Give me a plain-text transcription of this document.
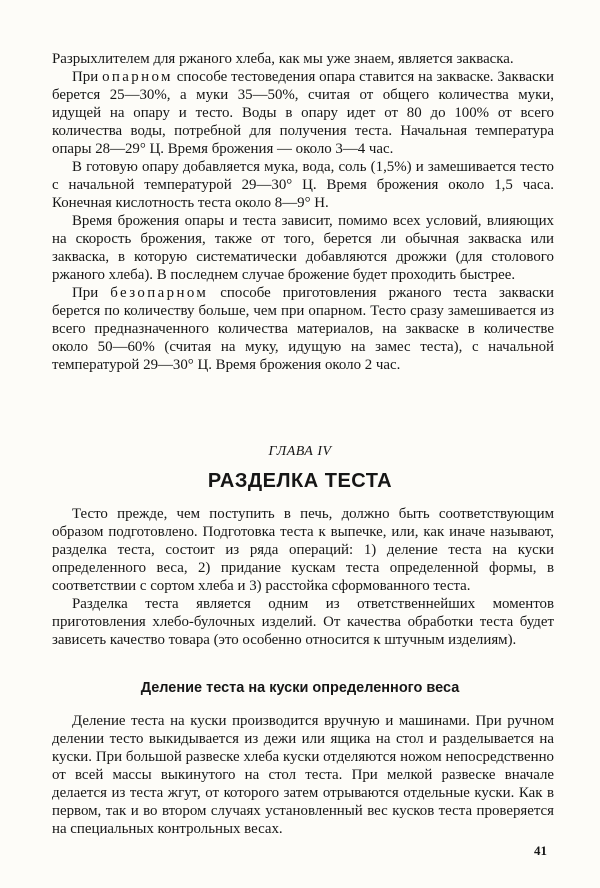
Разрыхлителем для ржаного хлеба, как мы уже знаем, является закваска.

При опарном способе тестоведения опара ставится на закваске. Закваски берется 25—30%, а муки 35—50%, считая от общего количества муки, идущей на опару и тесто. Воды в опару идет от 80 до 100% от всего количества воды, потребной для получения теста. Начальная температура опары 28—29° Ц. Время брожения — около 3—4 час.

В готовую опару добавляется мука, вода, соль (1,5%) и замешивается тесто с начальной температурой 29—30° Ц. Время брожения около 1,5 часа. Конечная кислотность теста около 8—9° Н.

Время брожения опары и теста зависит, помимо всех условий, влияющих на скорость брожения, также от того, берется ли обычная закваска или закваска, в которую систематически добавляются дрожжи (для столового ржаного хлеба). В последнем случае брожение будет проходить быстрее.

При безопарном способе приготовления ржаного теста закваски берется по количеству больше, чем при опарном. Тесто сразу замешивается из всего предназначенного количества материалов, на закваске в количестве около 50—60% (считая на муку, идущую на замес теста), с начальной температурой 29—30° Ц. Время брожения около 2 час.

ГЛАВА IV
РАЗДЕЛКА ТЕСТА

Тесто прежде, чем поступить в печь, должно быть соответствующим образом подготовлено. Подготовка теста к выпечке, или, как иначе называют, разделка теста, состоит из ряда операций: 1) деление теста на куски определенного веса, 2) придание кускам теста определенной формы, в соответствии с сортом хлеба и 3) расстойка сформованного теста.

Разделка теста является одним из ответственнейших моментов приготовления хлебо-булочных изделий. От качества обработки теста будет зависеть качество товара (это особенно относится к штучным изделиям).

Деление теста на куски определенного веса

Деление теста на куски производится вручную и машинами. При ручном делении тесто выкидывается из дежи или ящика на стол и разделывается на куски. При большой развеске хлеба куски отделяются ножом непосредственно от всей массы выкинутого на стол теста. При мелкой развеске вначале делается из теста жгут, от которого затем отрываются отдельные куски. Как в первом, так и во втором случаях установленный вес кусков теста проверяется на специальных контрольных весах.

41
